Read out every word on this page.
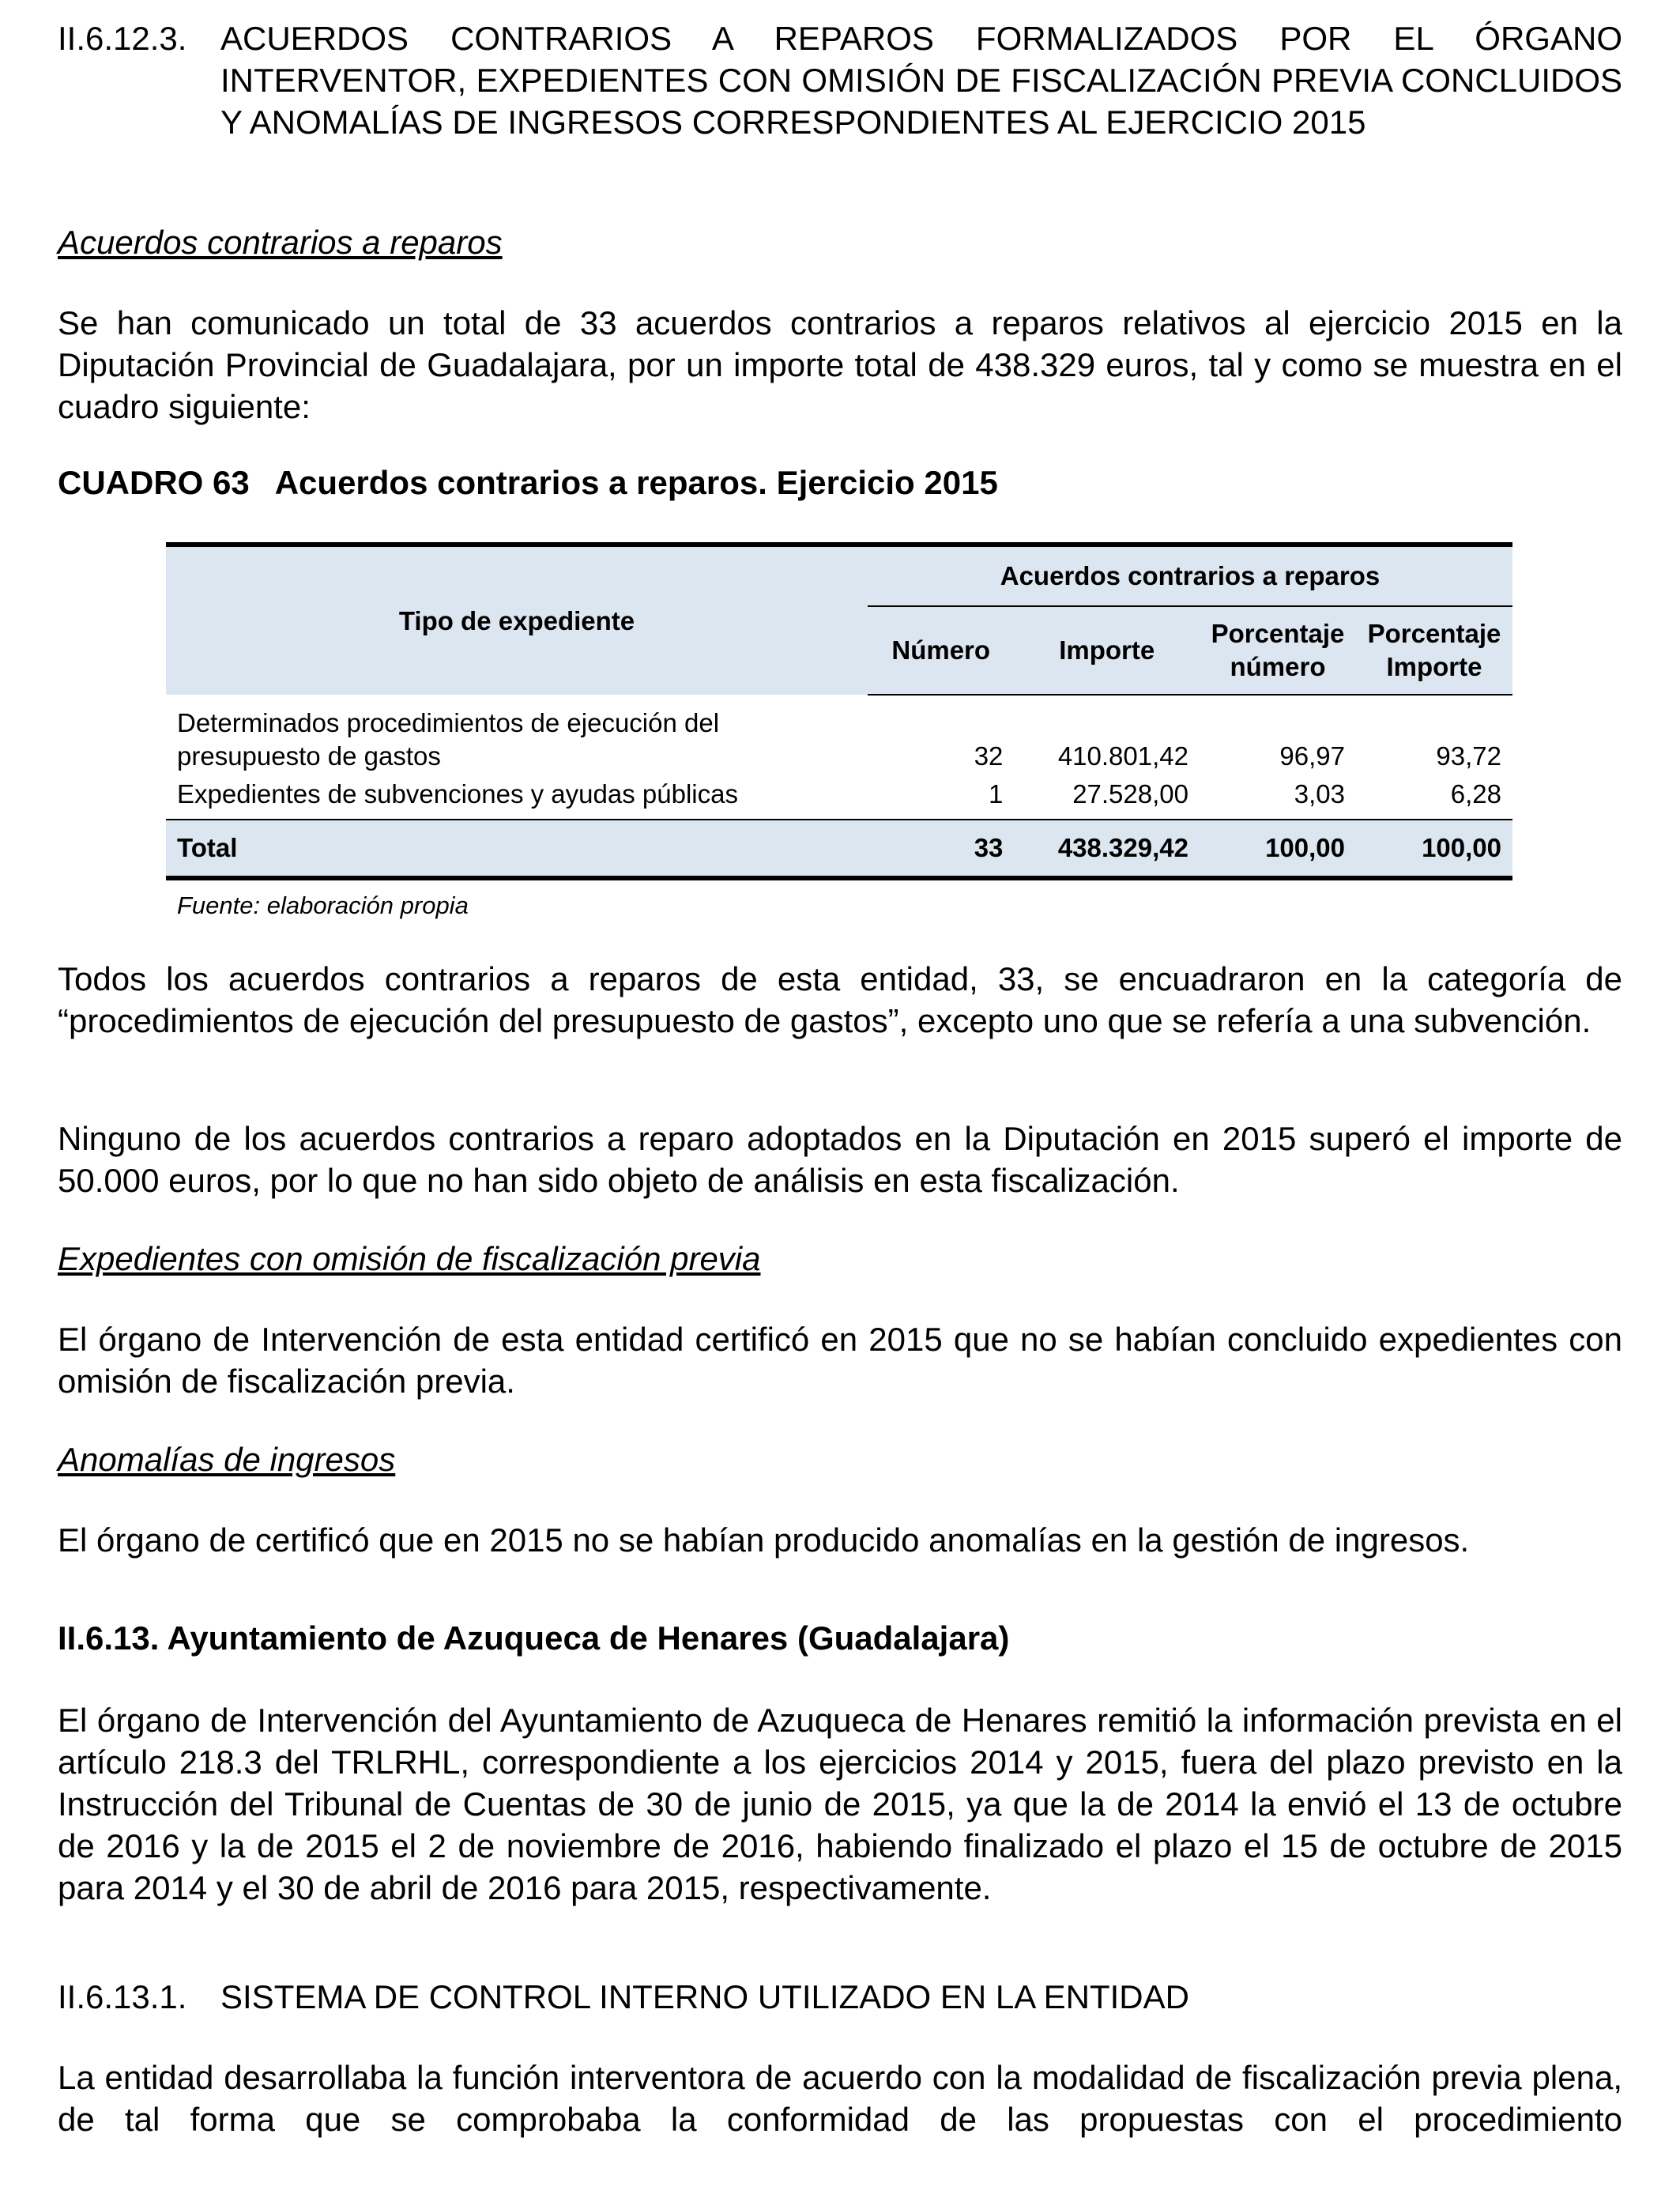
II.6.12.3.	ACUERDOS CONTRARIOS A REPAROS FORMALIZADOS POR EL ÓRGANO INTERVENTOR, EXPEDIENTES CON OMISIÓN DE FISCALIZACIÓN PREVIA CONCLUIDOS Y ANOMALÍAS DE INGRESOS CORRESPONDIENTES AL EJERCICIO 2015
Acuerdos contrarios a reparos

Se han comunicado un total de 33 acuerdos contrarios a reparos relativos al ejercicio 2015 en la Diputación Provincial de Guadalajara, por un importe total de 438.329 euros, tal y como se muestra en el cuadro siguiente:

CUADRO 63 Acuerdos contrarios a reparos. Ejercicio 2015
Tipo de expediente	Acuerdos contrarios a reparos			
	Número	Importe	Porcentaje número	Porcentaje Importe
Determinados procedimientos de ejecución del presupuesto de gastos	32	410.801,42	96,97	93,72
Expedientes de subvenciones y ayudas públicas	1	27.528,00	3,03	6,28
Total	33	438.329,42	100,00	100,00
Fuente: elaboración propia

Todos los acuerdos contrarios a reparos de esta entidad, 33, se encuadraron en la categoría de “procedimientos de ejecución del presupuesto de gastos”, excepto uno que se refería a una subvención.

Ninguno de los acuerdos contrarios a reparo adoptados en la Diputación en 2015 superó el importe de 50.000 euros, por lo que no han sido objeto de análisis en esta fiscalización.

Expedientes con omisión de fiscalización previa

El órgano de Intervención de esta entidad certificó en 2015 que no se habían concluido expedientes con omisión de fiscalización previa.

Anomalías de ingresos

El órgano de certificó que en 2015 no se habían producido anomalías en la gestión de ingresos.

II.6.13. Ayuntamiento de Azuqueca de Henares (Guadalajara)

El órgano de Intervención del Ayuntamiento de Azuqueca de Henares remitió la información prevista en el artículo 218.3 del TRLRHL, correspondiente a los ejercicios 2014 y 2015, fuera del plazo previsto en la Instrucción del Tribunal de Cuentas de 30 de junio de 2015, ya que la de 2014 la envió el 13 de octubre de 2016 y la de 2015 el 2 de noviembre de 2016, habiendo finalizado el plazo el 15 de octubre de 2015 para 2014 y el 30 de abril de 2016 para 2015, respectivamente.

II.6.13.1.	SISTEMA DE CONTROL INTERNO UTILIZADO EN LA ENTIDAD

La entidad desarrollaba la función interventora de acuerdo con la modalidad de fiscalización previa plena, de tal forma que se comprobaba la conformidad de las propuestas con el procedimiento
